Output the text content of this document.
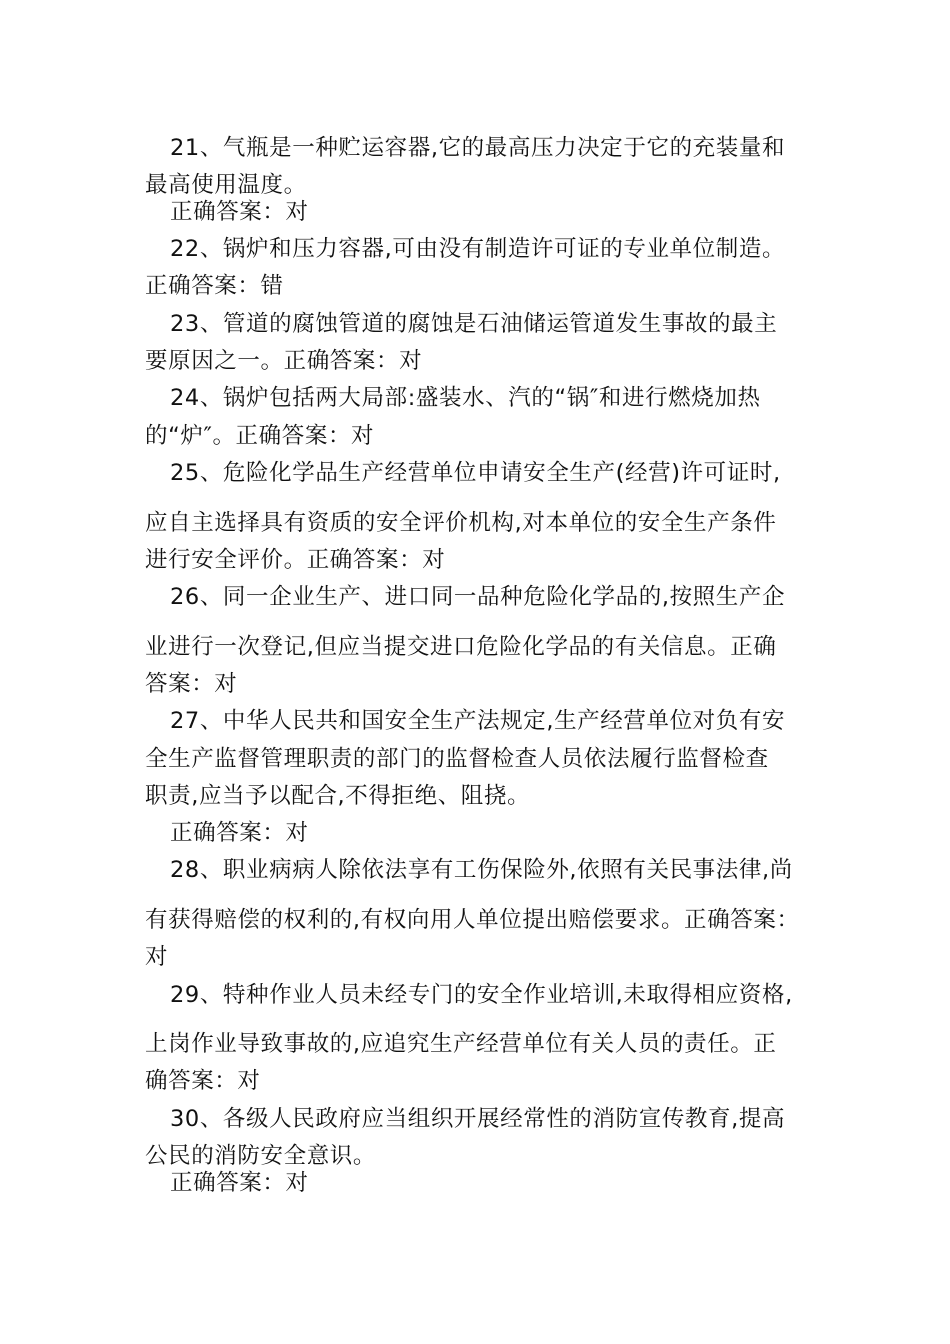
21、气瓶是一种贮运容器,它的最高压力决定于它的充装量和
最高使用温度。
正确答案：对
22、锅炉和压力容器,可由没有制造许可证的专业单位制造。
正确答案：错
23、管道的腐蚀管道的腐蚀是石油储运管道发生事故的最主
要原因之一。正确答案：对
24、锅炉包括两大局部:盛装水、汽的“锅″和进行燃烧加热
的“炉″。正确答案：对
25、危险化学品生产经营单位申请安全生产(经营)许可证时,
应自主选择具有资质的安全评价机构,对本单位的安全生产条件
进行安全评价。正确答案：对
26、同一企业生产、进口同一品种危险化学品的,按照生产企
业进行一次登记,但应当提交进口危险化学品的有关信息。正确
答案：对
27、中华人民共和国安全生产法规定,生产经营单位对负有安
全生产监督管理职责的部门的监督检查人员依法履行监督检查
职责,应当予以配合,不得拒绝、阻挠。
正确答案：对
28、职业病病人除依法享有工伤保险外,依照有关民事法律,尚
有获得赔偿的权利的,有权向用人单位提出赔偿要求。正确答案：
对
29、特种作业人员未经专门的安全作业培训,未取得相应资格,
上岗作业导致事故的,应追究生产经营单位有关人员的责任。正
确答案：对
30、各级人民政府应当组织开展经常性的消防宣传教育,提高
公民的消防安全意识。
正确答案：对
